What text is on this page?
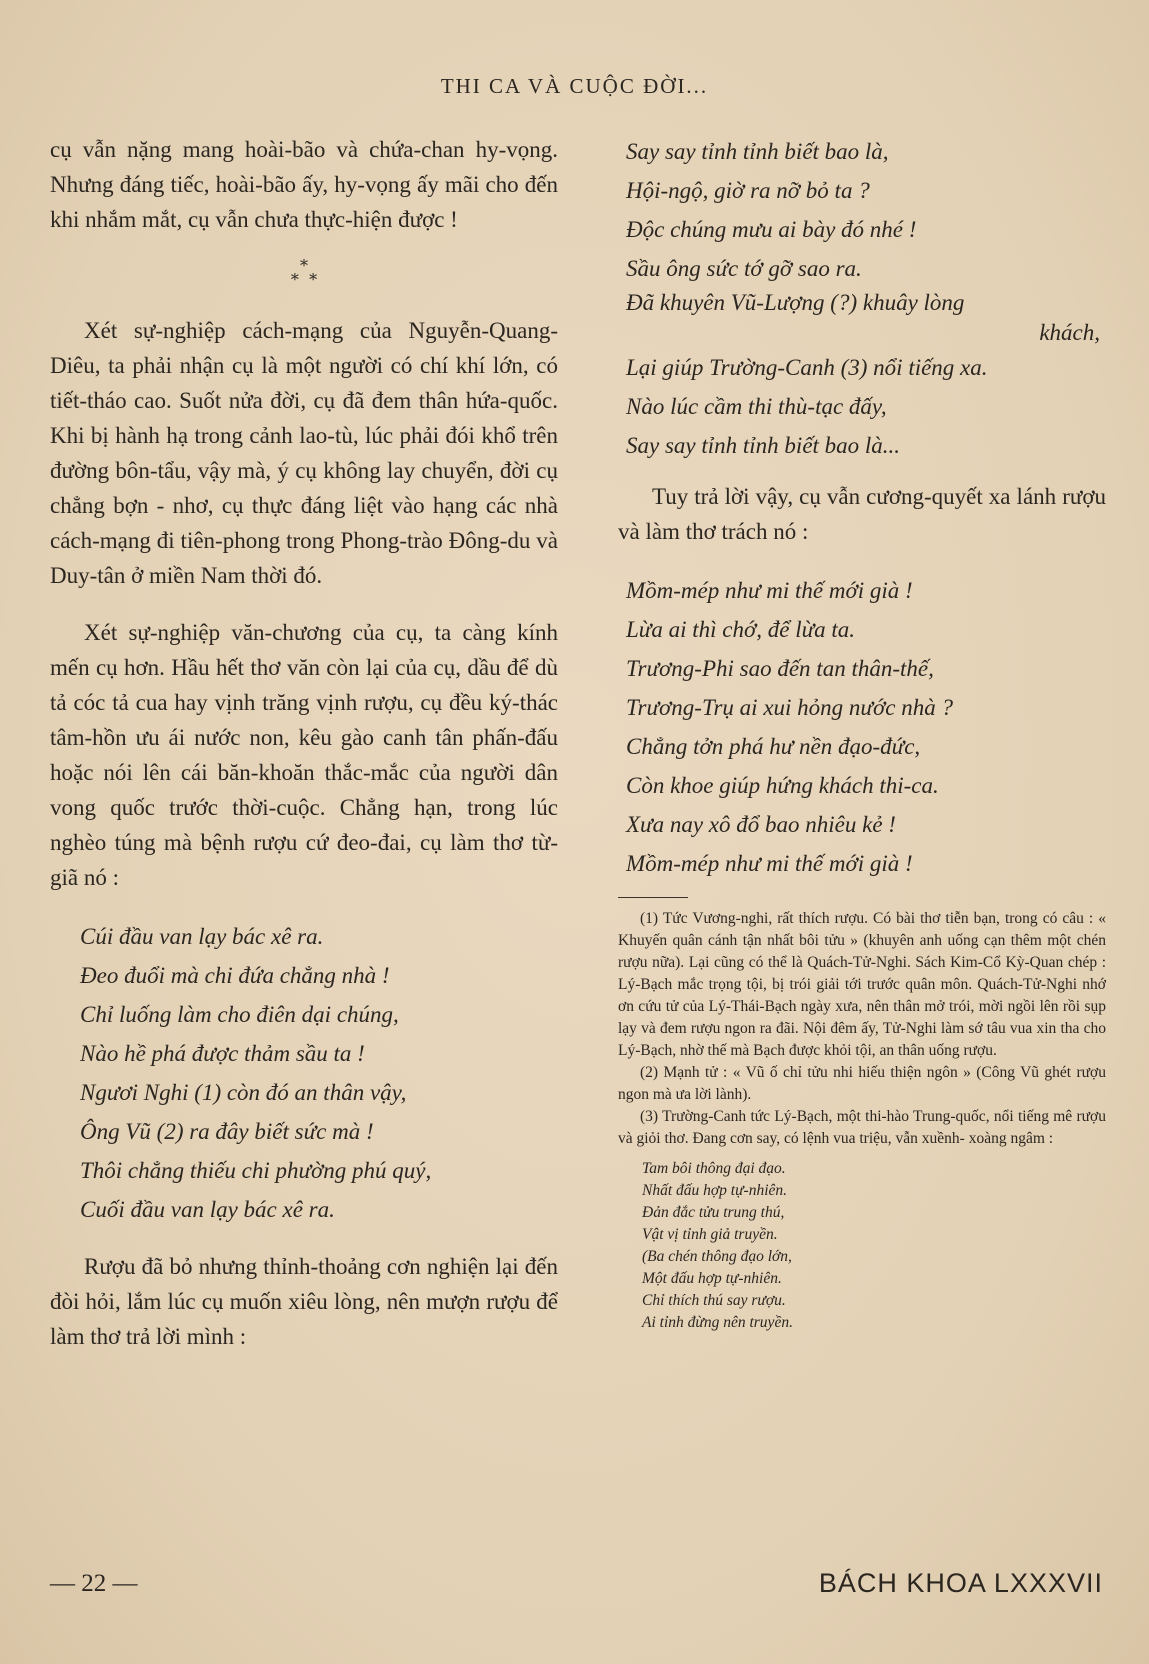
THI CA VÀ CUỘC ĐỜI...

cụ vẫn nặng mang hoài-bão và chứa-chan hy-vọng. Nhưng đáng tiếc, hoài-bão ấy, hy-vọng ấy mãi cho đến khi nhắm mắt, cụ vẫn chưa thực-hiện được !

*
*  *

Xét sự-nghiệp cách-mạng của Nguyễn-Quang-Diêu, ta phải nhận cụ là một người có chí khí lớn, có tiết-tháo cao. Suốt nửa đời, cụ đã đem thân hứa-quốc. Khi bị hành hạ trong cảnh lao-tù, lúc phải đói khổ trên đường bôn-tẩu, vậy mà, ý cụ không lay chuyển, đời cụ chẳng bợn - nhơ, cụ thực đáng liệt vào hạng các nhà cách-mạng đi tiên-phong trong Phong-trào Đông-du và Duy-tân ở miền Nam thời đó.

Xét sự-nghiệp văn-chương của cụ, ta càng kính mến cụ hơn. Hầu hết thơ văn còn lại của cụ, dầu để dù tả cóc tả cua hay vịnh trăng vịnh rượu, cụ đều ký-thác tâm-hồn ưu ái nước non, kêu gào canh tân phấn-đấu hoặc nói lên cái băn-khoăn thắc-mắc của người dân vong quốc trước thời-cuộc. Chẳng hạn, trong lúc nghèo túng mà bệnh rượu cứ đeo-đai, cụ làm thơ từ-giã nó :

Cúi đầu van lạy bác xê ra.
Đeo đuổi mà chi đứa chẳng nhà !
Chỉ luống làm cho điên dại chúng,
Nào hề phá được thảm sầu ta !
Ngươi Nghi (1) còn đó an thân vậy,
Ông Vũ (2) ra đây biết sức mà !
Thôi chẳng thiếu chi phường phú quý,
Cuối đầu van lạy bác xê ra.

Rượu đã bỏ nhưng thỉnh-thoảng cơn nghiện lại đến đòi hỏi, lắm lúc cụ muốn xiêu lòng, nên mượn rượu để làm thơ trả lời mình :

Say say tỉnh tỉnh biết bao là,
Hội-ngộ, giờ ra nỡ bỏ ta ?
Độc chúng mưu ai bày đó nhé !
Sầu ông sức tớ gỡ sao ra.
Đã khuyên Vũ-Lượng (?) khuây lòng
khách,
Lại giúp Trường-Canh (3) nổi tiếng xa.
Nào lúc cầm thi thù-tạc đấy,
Say say tỉnh tỉnh biết bao là...

Tuy trả lời vậy, cụ vẫn cương-quyết xa lánh rượu và làm thơ trách nó :

Mồm-mép như mi thế mới già !
Lừa ai thì chớ, để lừa ta.
Trương-Phi sao đến tan thân-thế,
Trương-Trụ ai xui hỏng nước nhà ?
Chẳng tởn phá hư nền đạo-đức,
Còn khoe giúp hứng khách thi-ca.
Xưa nay xô đổ bao nhiêu kẻ !
Mồm-mép như mi thế mới già !

(1) Tức Vương-nghi, rất thích rượu. Có bài thơ tiễn bạn, trong có câu : « Khuyến quân cánh tận nhất bôi tửu » (khuyên anh uống cạn thêm một chén rượu nữa). Lại cũng có thể là Quách-Tử-Nghi. Sách Kim-Cổ Kỳ-Quan chép : Lý-Bạch mắc trọng tội, bị trói giải tới trước quân môn. Quách-Tử-Nghi nhớ ơn cứu tử của Lý-Thái-Bạch ngày xưa, nên thân mở trói, mời ngồi lên rồi sụp lạy và đem rượu ngon ra đãi. Nội đêm ấy, Tử-Nghi làm sớ tâu vua xin tha cho Lý-Bạch, nhờ thế mà Bạch được khỏi tội, an thân uống rượu.

(2) Mạnh tử : « Vũ ố chỉ tửu nhi hiếu thiện ngôn » (Công Vũ ghét rượu ngon mà ưa lời lành).

(3) Trường-Canh tức Lý-Bạch, một thi-hào Trung-quốc, nổi tiếng mê rượu và giỏi thơ. Đang cơn say, có lệnh vua triệu, vẫn xuềnh- xoàng ngâm :

Tam bôi thông đại đạo.
Nhất đấu hợp tự-nhiên.
Đản đắc tửu trung thú,
Vật vị tỉnh giả truyền.
(Ba chén thông đạo lớn,
Một đấu hợp tự-nhiên.
Chỉ thích thú say rượu.
Ai tỉnh đừng nên truyền.
— 22 —	BÁCH KHOA LXXXVII
